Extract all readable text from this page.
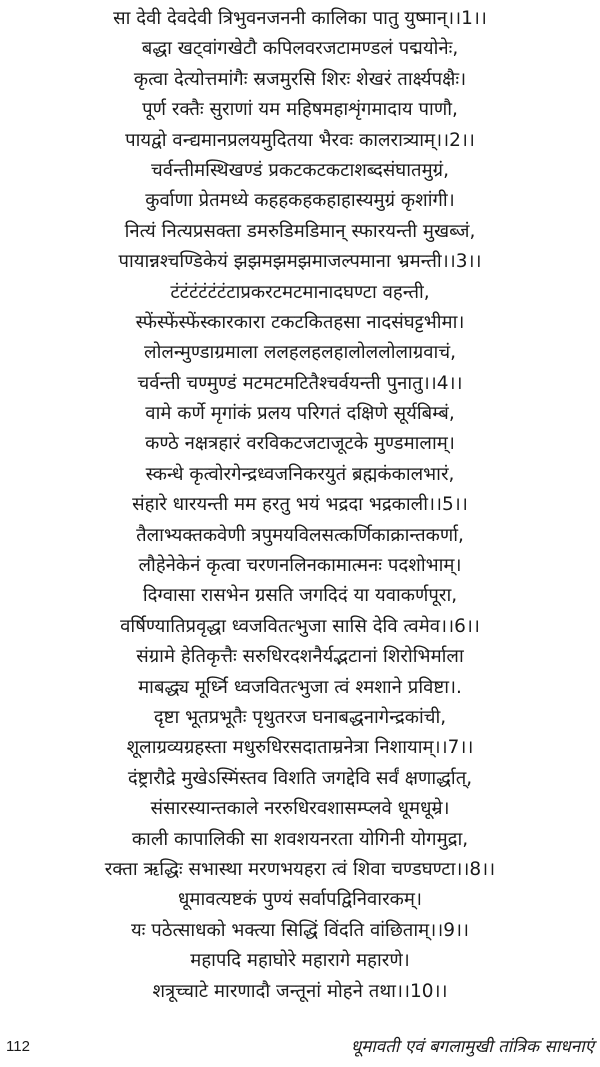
सा देवी देवदेवी त्रिभुवनजननी कालिका पातु युष्मान्।।1।।
बद्धा खट्वांगखेटौ कपिलवरजटामण्डलं पद्मयोनेः,
कृत्वा देत्योत्तमांगैः स्रजमुरसि शिरः शेखरं तार्क्ष्यपक्षैः।
पूर्ण रक्तैः सुराणां यम महिषमहाशृंगमादाय पाणौ,
पायद्वो वन्द्यमानप्रलयमुदितया भैरवः कालरात्र्याम्।।2।।
चर्वन्तीमस्थिखण्डं प्रकटकटकटाशब्दसंघातमुग्रं,
कुर्वाणा प्रेतमध्ये कहहकहकहाहास्यमुग्रं कृशांगी।
नित्यं नित्यप्रसक्ता डमरुडिमडिमान् स्फारयन्ती मुखब्जं,
पायान्नश्चण्डिकेयं झझमझमझमाजल्पमाना भ्रमन्ती।।3।।
टंटंटंटंटंटंटाप्रकरटमटमानादघण्टा वहन्ती,
स्फेंस्फेंस्फेंस्कारकारा टकटकितहसा नादसंघट्टभीमा।
लोलन्मुण्डाग्रमाला ललहलहलहालोललोलाग्रवाचं,
चर्वन्ती चण्मुण्डं मटमटमटितैश्चर्वयन्ती पुनातु।।4।।
वामे कर्णे मृगांकं प्रलय परिगतं दक्षिणे सूर्यबिम्बं,
कण्ठे नक्षत्रहारं वरविकटजटाजूटके मुण्डमालाम्।
स्कन्धे कृत्वोरगेन्द्रध्वजनिकरयुतं ब्रह्मकंकालभारं,
संहारे धारयन्ती मम हरतु भयं भद्रदा भद्रकाली।।5।।
तैलाभ्यक्तकवेणी त्रपुमयविलसत्कर्णिकाक्रान्तकर्णा,
लौहेनेकेनं कृत्वा चरणनलिनकामात्मनः पदशोभाम्।
दिग्वासा रासभेन ग्रसति जगदिदं या यवाकर्णपूरा,
वर्षिण्यातिप्रवृद्धा ध्वजवितत्भुजा सासि देवि त्वमेव।।6।।
संग्रामे हेतिकृत्तैः सरुधिरदशनैर्यद्भटानां शिरोभिर्माला
माबद्ध्य मूर्ध्नि ध्वजवितत्भुजा त्वं श्मशाने प्रविष्टा।.
दृष्टा भूतप्रभूतैः पृथुतरज घनाबद्धनागेन्द्रकांची,
शूलाग्रव्यग्रहस्ता मधुरुधिरसदाताम्रनेत्रा निशायाम्।।7।।
दंष्ट्रारौद्रे मुखेऽस्मिंस्तव विशति जगद्देवि सर्वं क्षणार्द्धात्,
संसारस्यान्तकाले नररुधिरवशासम्प्लवे धूमधूम्रे।
काली कापालिकी सा शवशयनरता योगिनी योगमुद्रा,
रक्ता ऋद्धिः सभास्था मरणभयहरा त्वं शिवा चण्डघण्टा।।8।।
धूमावत्यष्टकं पुण्यं सर्वापद्विनिवारकम्।
यः पठेत्साधको भक्त्या सिद्धिं विंदति वांछिताम्।।9।।
महापदि महाघोरे महारागे महारणे।
शत्रूच्चाटे मारणादौ जन्तूनां मोहने तथा।।10।।
112	धूमावती एवं बगलामुखी तांत्रिक साधनाएं
